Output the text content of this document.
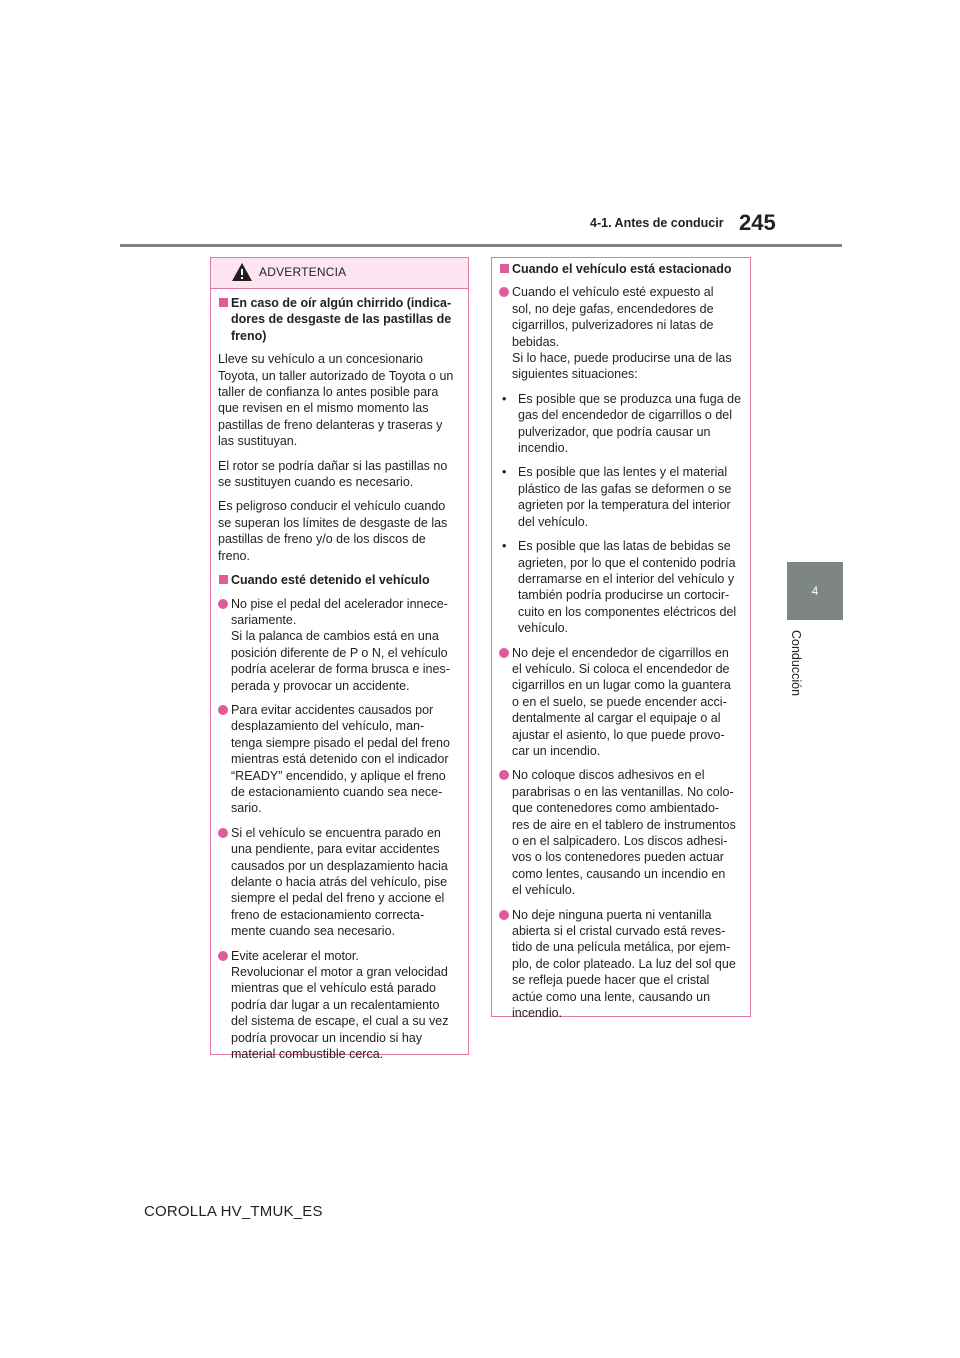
4-1. Antes de conducir 245
4
Conducción
ADVERTENCIA
En caso de oír algún chirrido (indica-
dores de desgaste de las pastillas de
freno)
Lleve su vehículo a un concesionario
Toyota, un taller autorizado de Toyota o un
taller de confianza lo antes posible para
que revisen en el mismo momento las
pastillas de freno delanteras y traseras y
las sustituyan.
El rotor se podría dañar si las pastillas no
se sustituyen cuando es necesario.
Es peligroso conducir el vehículo cuando
se superan los límites de desgaste de las
pastillas de freno y/o de los discos de
freno.
Cuando esté detenido el vehículo
No pise el pedal del acelerador innece-
sariamente.
Si la palanca de cambios está en una
posición diferente de P o N, el vehículo
podría acelerar de forma brusca e ines-
perada y provocar un accidente.
Para evitar accidentes causados por
desplazamiento del vehículo, man-
tenga siempre pisado el pedal del freno
mientras está detenido con el indicador
“READY” encendido, y aplique el freno
de estacionamiento cuando sea nece-
sario.
Si el vehículo se encuentra parado en
una pendiente, para evitar accidentes
causados por un desplazamiento hacia
delante o hacia atrás del vehículo, pise
siempre el pedal del freno y accione el
freno de estacionamiento correcta-
mente cuando sea necesario.
Evite acelerar el motor.
Revolucionar el motor a gran velocidad
mientras que el vehículo está parado
podría dar lugar a un recalentamiento
del sistema de escape, el cual a su vez
podría provocar un incendio si hay
material combustible cerca.
Cuando el vehículo está estacionado
Cuando el vehículo esté expuesto al
sol, no deje gafas, encendedores de
cigarrillos, pulverizadores ni latas de
bebidas.
Si lo hace, puede producirse una de las
siguientes situaciones:
• Es posible que se produzca una fuga de
gas del encendedor de cigarrillos o del
pulverizador, que podría causar un
incendio.
• Es posible que las lentes y el material
plástico de las gafas se deformen o se
agrieten por la temperatura del interior
del vehículo.
• Es posible que las latas de bebidas se
agrieten, por lo que el contenido podría
derramarse en el interior del vehículo y
también podría producirse un cortocir-
cuito en los componentes eléctricos del
vehículo.
No deje el encendedor de cigarrillos en
el vehículo. Si coloca el encendedor de
cigarrillos en un lugar como la guantera
o en el suelo, se puede encender acci-
dentalmente al cargar el equipaje o al
ajustar el asiento, lo que puede provo-
car un incendio.
No coloque discos adhesivos en el
parabrisas o en las ventanillas. No colo-
que contenedores como ambientado-
res de aire en el tablero de instrumentos
o en el salpicadero. Los discos adhesi-
vos o los contenedores pueden actuar
como lentes, causando un incendio en
el vehículo.
No deje ninguna puerta ni ventanilla
abierta si el cristal curvado está reves-
tido de una película metálica, por ejem-
plo, de color plateado. La luz del sol que
se refleja puede hacer que el cristal
actúe como una lente, causando un
incendio.
COROLLA HV_TMUK_ES
